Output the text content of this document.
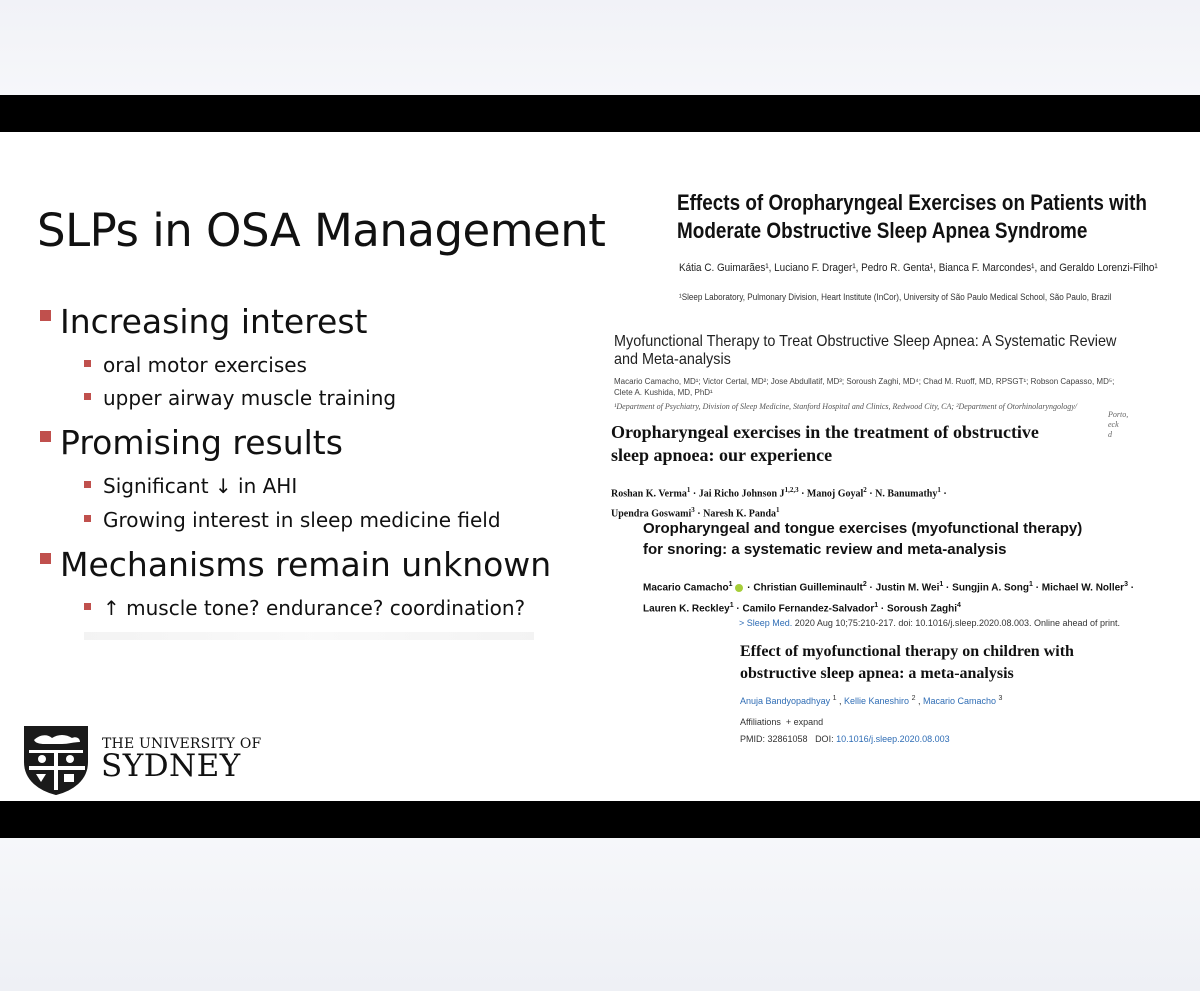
SLPs in OSA Management
Increasing interest
oral motor exercises
upper airway muscle training
Promising results
Significant ↓ in AHI
Growing interest in sleep medicine field
Mechanisms remain unknown
↑ muscle tone? endurance? coordination?
THE UNIVERSITY OF
SYDNEY
Effects of Oropharyngeal Exercises on Patients with
Moderate Obstructive Sleep Apnea Syndrome
Kátia C. Guimarães¹, Luciano F. Drager¹, Pedro R. Genta¹, Bianca F. Marcondes¹, and Geraldo Lorenzi-Filho¹
¹Sleep Laboratory, Pulmonary Division, Heart Institute (InCor), University of São Paulo Medical School, São Paulo, Brazil
Myofunctional Therapy to Treat Obstructive Sleep Apnea: A Systematic Review
and Meta-analysis
Macario Camacho, MD¹; Victor Certal, MD²; Jose Abdullatif, MD³; Soroush Zaghi, MD⁴; Chad M. Ruoff, MD, RPSGT¹; Robson Capasso, MD⁵;
Clete A. Kushida, MD, PhD¹
¹Department of Psychiatry, Division of Sleep Medicine, Stanford Hospital and Clinics, Redwood City, CA; ²Department of Otorhinolaryngology/
Porto,
eck
d
Oropharyngeal exercises in the treatment of obstructive
sleep apnoea: our experience
Roshan K. Verma$^1$ · Jai Richo Johnson J$^{1,2,3}$ · Manoj Goyal$^2$ · N. Banumathy$^1$ ·
Upendra Goswami$^3$ · Naresh K. Panda$^1$
Oropharyngeal and tongue exercises (myofunctional therapy)
for snoring: a systematic review and meta-analysis
Macario Camacho$^1$ · Christian Guilleminault$^2$ · Justin M. Wei$^1$ · Sungjin A. Song$^1$ · Michael W. Noller$^3$ ·
Lauren K. Reckley$^1$ · Camilo Fernandez-Salvador$^1$ · Soroush Zaghi$^4$
> Sleep Med. 2020 Aug 10;75:210-217. doi: 10.1016/j.sleep.2020.08.003. Online ahead of print.
Effect of myofunctional therapy on children with
obstructive sleep apnea: a meta-analysis
Anuja Bandyopadhyay $^1$ , Kellie Kaneshiro $^2$ , Macario Camacho $^3$
Affiliations + expand
PMID: 32861058 DOI: 10.1016/j.sleep.2020.08.003
